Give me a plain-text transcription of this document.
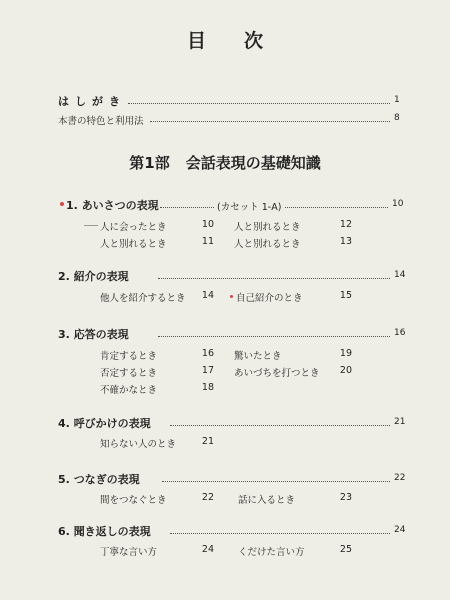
目次
はしがき	1
本書の特色と利用法	8
第1部 会話表現の基礎知識
1. あいさつの表現	(カセット 1-A)	10
人に会ったとき	10 人と別れるとき	12
人と別れるとき	11 人と別れるとき	13
2. 紹介の表現	14
他人を紹介するとき	14 自己紹介のとき	15
3. 応答の表現	16
肯定するとき	16 驚いたとき	19
否定するとき	17 あいづちを打つとき	20
不確かなとき	18
4. 呼びかけの表現	21
知らない人のとき	21
5. つなぎの表現	22
間をつなぐとき	22	話に入るとき	23
6. 聞き返しの表現	24
丁寧な言い方	24	くだけた言い方	25
